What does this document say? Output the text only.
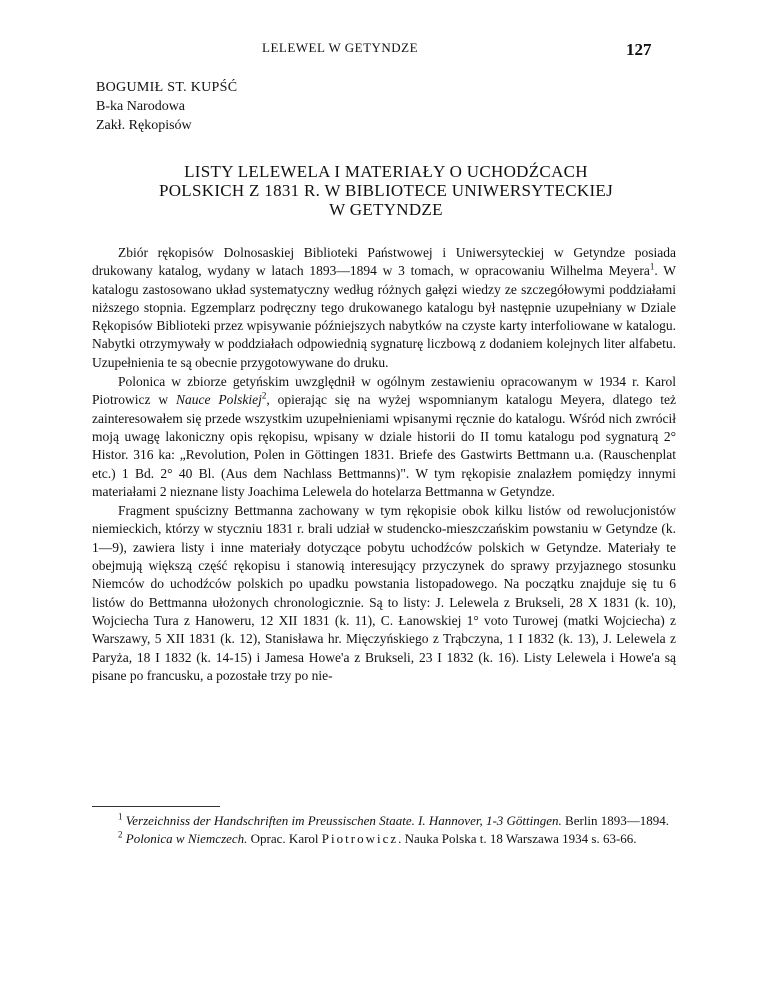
LELEWEL W GETYNDZE	127
BOGUMIŁ ST. KUPŚĆ
B-ka Narodowa
Zakł. Rękopisów
LISTY LELEWELA I MATERIAŁY O UCHODŹCACH
POLSKICH Z 1831 R. W BIBLIOTECE UNIWERSYTECKIEJ
W GETYNDZE

Zbiór rękopisów Dolnosaskiej Biblioteki Państwowej i Uniwersyteckiej w Getyndze posiada drukowany katalog, wydany w latach 1893—1894 w 3 tomach, w opracowaniu Wilhelma Meyera$^1$. W katalogu zastosowano układ systematyczny według różnych gałęzi wiedzy ze szczegółowymi poddziałami niższego stopnia. Egzemplarz podręczny tego drukowanego katalogu był następnie uzupełniany w Dziale Rękopisów Biblioteki przez wpisywanie późniejszych nabytków na czyste karty interfoliowane w katalogu. Nabytki otrzymywały w poddziałach odpowiednią sygnaturę liczbową z dodaniem kolejnych liter alfabetu. Uzupełnienia te są obecnie przygotowywane do druku.

Polonica w zbiorze getyńskim uwzględnił w ogólnym zestawieniu opracowanym w 1934 r. Karol Piotrowicz w Nauce Polskiej$^2$, opierając się na wyżej wspomnianym katalogu Meyera, dlatego też zainteresowałem się przede wszystkim uzupełnieniami wpisanymi ręcznie do katalogu. Wśród nich zwrócił moją uwagę lakoniczny opis rękopisu, wpisany w dziale historii do II tomu katalogu pod sygnaturą 2° Histor. 316 ka: „Revolution, Polen in Göttingen 1831. Briefe des Gastwirts Bettmann u.a. (Rauschenplat etc.) 1 Bd. 2° 40 Bl. (Aus dem Nachlass Bettmanns)". W tym rękopisie znalazłem pomiędzy innymi materiałami 2 nieznane listy Joachima Lelewela do hotelarza Bettmanna w Getyndze.

Fragment spuścizny Bettmanna zachowany w tym rękopisie obok kilku listów od rewolucjonistów niemieckich, którzy w styczniu 1831 r. brali udział w studencko-mieszczańskim powstaniu w Getyndze (k. 1—9), zawiera listy i inne materiały dotyczące pobytu uchodźców polskich w Getyndze. Materiały te obejmują większą część rękopisu i stanowią interesujący przyczynek do sprawy przyjaznego stosunku Niemców do uchodźców polskich po upadku powstania listopadowego. Na początku znajduje się tu 6 listów do Bettmanna ułożonych chronologicznie. Są to listy: J. Lelewela z Brukseli, 28 X 1831 (k. 10), Wojciecha Tura z Hanoweru, 12 XII 1831 (k. 11), C. Łanowskiej 1° voto Turowej (matki Wojciecha) z Warszawy, 5 XII 1831 (k. 12), Stanisława hr. Mięczyńskiego z Trąbczyna, 1 I 1832 (k. 13), J. Lelewela z Paryża, 18 I 1832 (k. 14-15) i Jamesa Howe'a z Brukseli, 23 I 1832 (k. 16). Listy Lelewela i Howe'a są pisane po francusku, a pozostałe trzy po nie-

$^1$ Verzeichniss der Handschriften im Preussischen Staate. I. Hannover, 1-3 Göttingen. Berlin 1893—1894.

$^2$ Polonica w Niemczech. Oprac. Karol Piotrowicz. Nauka Polska t. 18 Warszawa 1934 s. 63-66.
